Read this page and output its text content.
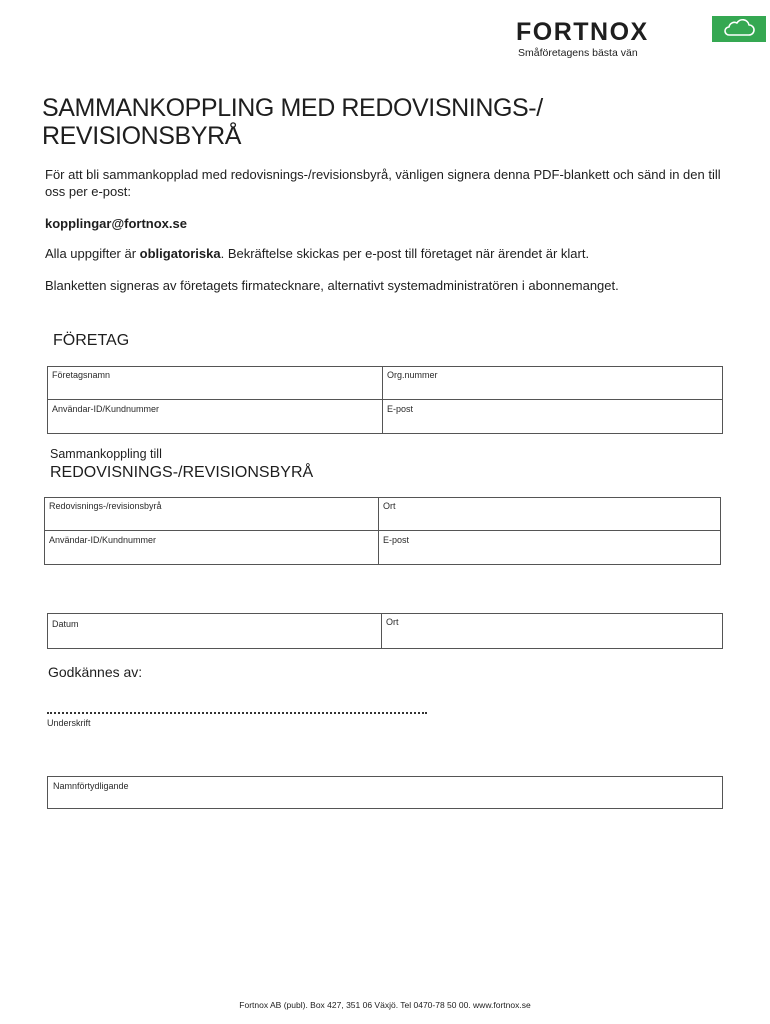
FORTNOX
Småföretagens bästa vän
SAMMANKOPPLING MED REDOVISNINGS-/
REVISIONSBYRÅ
För att bli sammankopplad med redovisnings-/revisionsbyrå, vänligen signera denna PDF-blankett och sänd in den till oss per e-post:
kopplingar@fortnox.se
Alla uppgifter är obligatoriska. Bekräftelse skickas per e-post till företaget när ärendet är klart.
Blanketten signeras av företagets firmatecknare, alternativt systemadministratören i abonnemanget.
FÖRETAG
Företagsnamn	Org.nummer
Användar-ID/Kundnummer	E-post
Sammankoppling till
REDOVISNINGS-/REVISIONSBYRÅ
Redovisnings-/revisionsbyrå	Ort
Användar-ID/Kundnummer	E-post
Datum	Ort
Godkännes av:
Underskrift
Namnförtydligande
Fortnox AB (publ). Box 427, 351 06 Växjö. Tel 0470-78 50 00. www.fortnox.se
